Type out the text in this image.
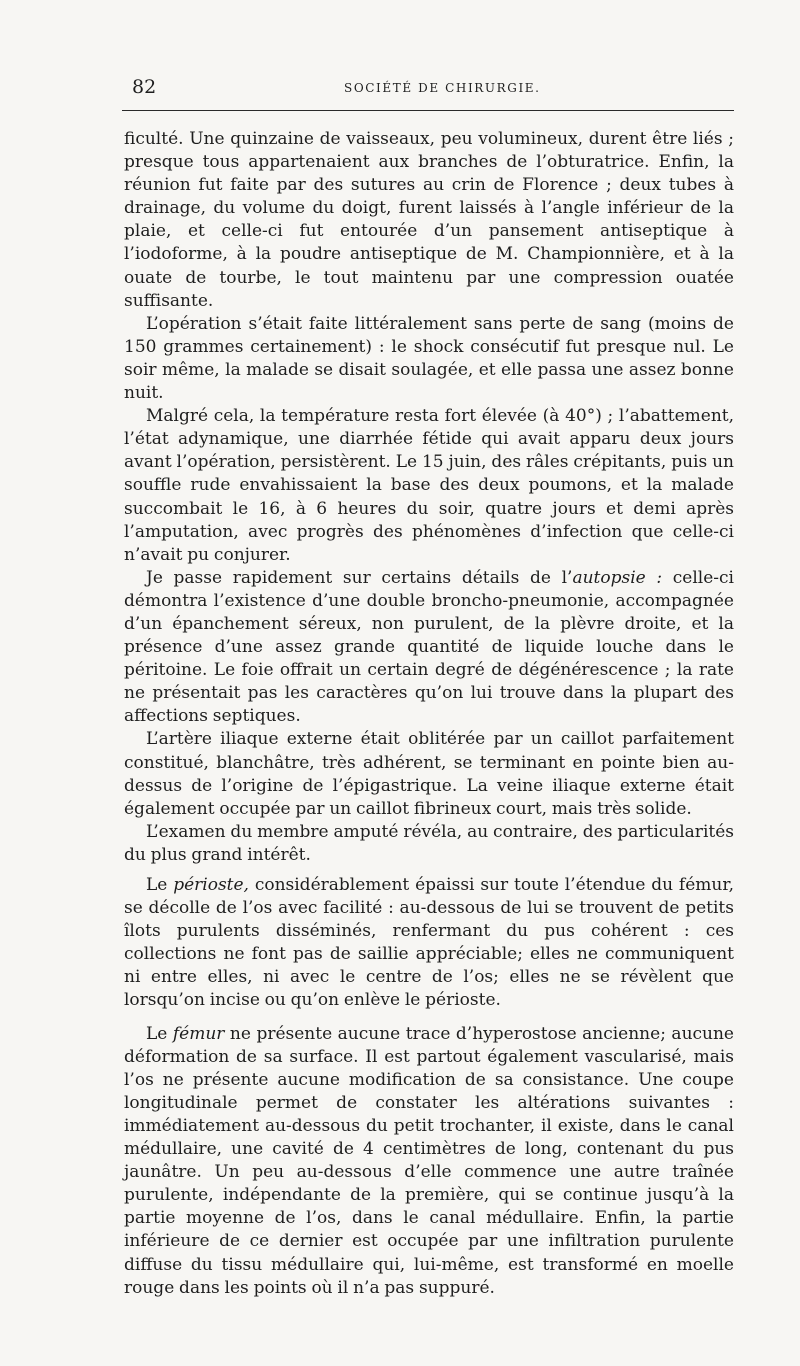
82	SOCIÉTÉ DE CHIRURGIE.

ficulté. Une quinzaine de vaisseaux, peu volumineux, durent être liés ; presque tous appartenaient aux branches de l’obturatrice. Enfin, la réunion fut faite par des sutures au crin de Florence ; deux tubes à drainage, du volume du doigt, furent laissés à l’angle inférieur de la plaie, et celle-ci fut entourée d’un pansement antiseptique à l’iodoforme, à la poudre antiseptique de M. Championnière, et à la ouate de tourbe, le tout maintenu par une compression ouatée suffisante.

L’opération s’était faite littéralement sans perte de sang (moins de 150 grammes certainement) : le shock consécutif fut presque nul. Le soir même, la malade se disait soulagée, et elle passa une assez bonne nuit.

Malgré cela, la température resta fort élevée (à 40°) ; l’abattement, l’état adynamique, une diarrhée fétide qui avait apparu deux jours avant l’opération, persistèrent. Le 15 juin, des râles crépitants, puis un souffle rude envahissaient la base des deux poumons, et la malade succombait le 16, à 6 heures du soir, quatre jours et demi après l’amputation, avec progrès des phénomènes d’infection que celle-ci n’avait pu conjurer.

Je passe rapidement sur certains détails de l’autopsie : celle-ci démontra l’existence d’une double broncho-pneumonie, accompagnée d’un épanchement séreux, non purulent, de la plèvre droite, et la présence d’une assez grande quantité de liquide louche dans le péritoine. Le foie offrait un certain degré de dégénérescence ; la rate ne présentait pas les caractères qu’on lui trouve dans la plupart des affections septiques.

L’artère iliaque externe était oblitérée par un caillot parfaitement constitué, blanchâtre, très adhérent, se terminant en pointe bien au-dessus de l’origine de l’épigastrique. La veine iliaque externe était également occupée par un caillot fibrineux court, mais très solide.

L’examen du membre amputé révéla, au contraire, des particularités du plus grand intérêt.

Le périoste, considérablement épaissi sur toute l’étendue du fémur, se décolle de l’os avec facilité : au-dessous de lui se trouvent de petits îlots purulents disséminés, renfermant du pus cohérent : ces collections ne font pas de saillie appréciable; elles ne communiquent ni entre elles, ni avec le centre de l’os; elles ne se révèlent que lorsqu’on incise ou qu’on enlève le périoste.

Le fémur ne présente aucune trace d’hyperostose ancienne; aucune déformation de sa surface. Il est partout également vascularisé, mais l’os ne présente aucune modification de sa consistance. Une coupe longitudinale permet de constater les altérations suivantes : immédiatement au-dessous du petit trochanter, il existe, dans le canal médullaire, une cavité de 4 centimètres de long, contenant du pus jaunâtre. Un peu au-dessous d’elle commence une autre traînée purulente, indépendante de la première, qui se continue jusqu’à la partie moyenne de l’os, dans le canal médullaire. Enfin, la partie inférieure de ce dernier est occupée par une infiltration purulente diffuse du tissu médullaire qui, lui-même, est transformé en moelle rouge dans les points où il n’a pas suppuré.
